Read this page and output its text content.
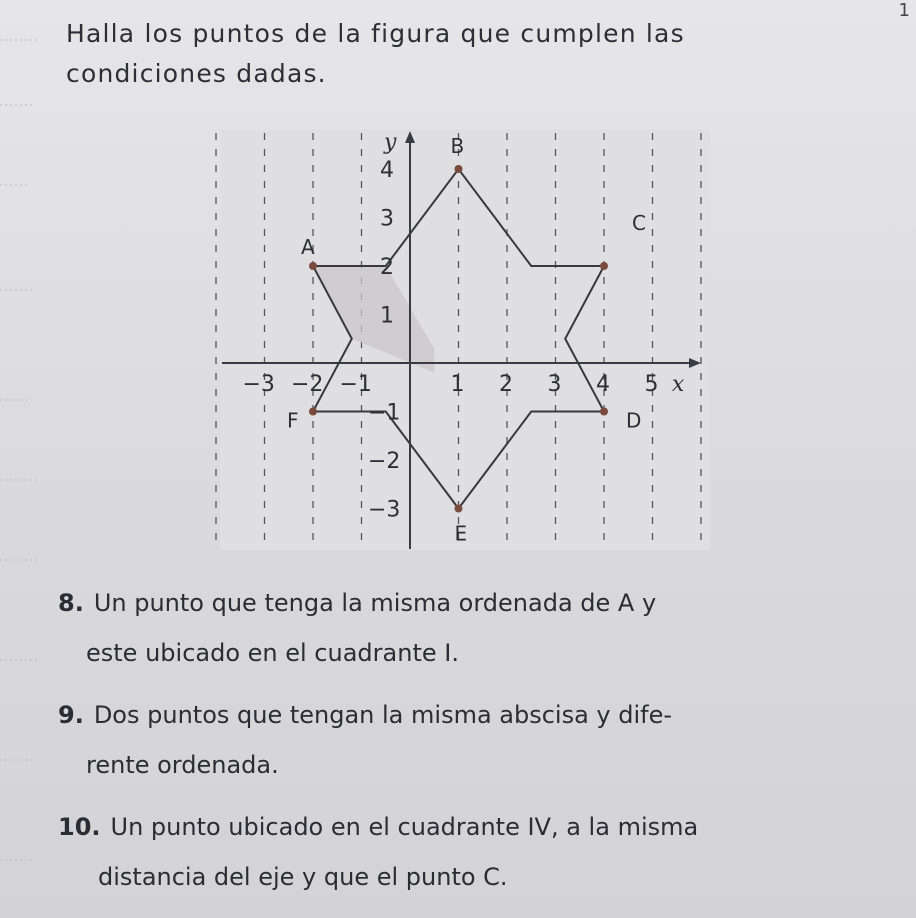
1

Halla los puntos de la figura que cumplen las
condiciones dadas.

−3 −2 −1	1 2 3 4 5
4
3
2
1
−1
−2
−3
A
B
C
D
E
F
x
y

8. Un punto que tenga la misma ordenada de A y
este ubicado en el cuadrante I.

9. Dos puntos que tengan la misma abscisa y dife-
rente ordenada.

10. Un punto ubicado en el cuadrante IV, a la misma
distancia del eje y que el punto C.
